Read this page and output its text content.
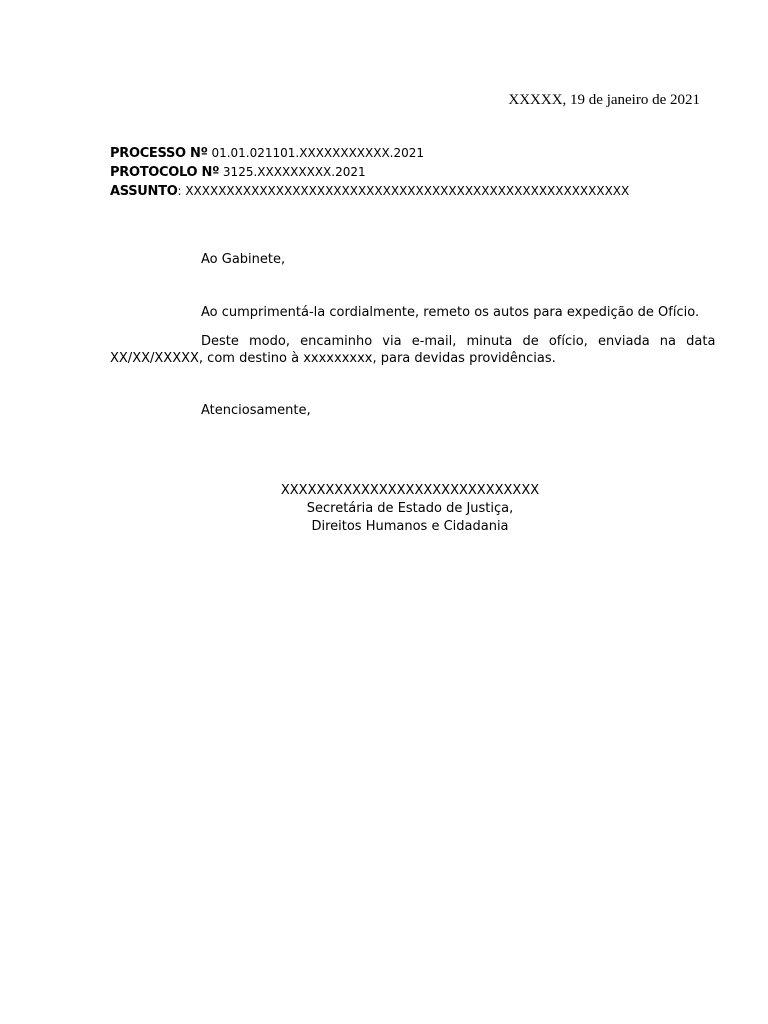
XXXXX, 19 de janeiro de 2021
PROCESSO Nº 01.01.021101.XXXXXXXXXXX.2021
PROTOCOLO Nº 3125.XXXXXXXXX.2021
ASSUNTO: XXXXXXXXXXXXXXXXXXXXXXXXXXXXXXXXXXXXXXXXXXXXXXXXXXXXXX
Ao Gabinete,
Ao cumprimentá-la cordialmente, remeto os autos para expedição de Ofício.
Deste modo, encaminho via e-mail, minuta de ofício, enviada na data
XX/XX/XXXXX, com destino à xxxxxxxxx, para devidas providências.
Atenciosamente,
XXXXXXXXXXXXXXXXXXXXXXXXXXXXX
Secretária de Estado de Justiça,
Direitos Humanos e Cidadania
